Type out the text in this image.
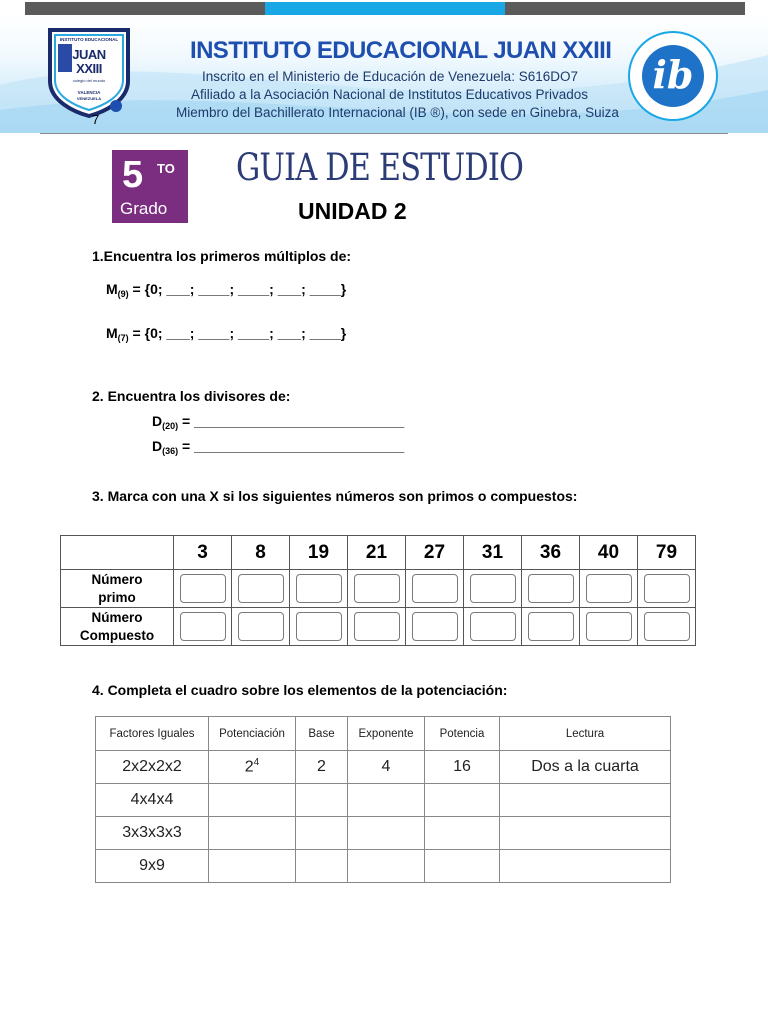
INSTITUTO EDUCACIONAL
JUAN
XXIII
colegio del mundo
VALENCIA
VENEZUELA
7
INSTITUTO EDUCACIONAL JUAN XXIII
Inscrito en el Ministerio de Educación de Venezuela: S616DO7
Afiliado a la Asociación Nacional de Institutos Educativos Privados
Miembro del Bachillerato Internacional (IB ®), con sede en Ginebra, Suiza
ib
5 TO
Grado
GUIA DE ESTUDIO
UNIDAD 2
1.Encuentra los primeros múltiplos de:
$M_{(9)} = \{0$; ___; ____; ____; ___; ____}
$M_{(7)} = \{0$; ___; ____; ____; ___; ____}
2. Encuentra los divisores de:
$D_{(20)}$ = ___________________________
$D_{(36)}$ = ___________________________
3. Marca con una X si los siguientes números son primos o compuestos:
	3	8	19	21	27	31	36	40	79
Número
primo	

Número
Compuesto	

4. Completa el cuadro sobre los elementos de la potenciación:
Factores Iguales	Potenciación	Base	Exponente	Potencia	Lectura
2x2x2x2	$2^4$	2	4	16	Dos a la cuarta
4x4x4					
3x3x3x3					
9x9					
